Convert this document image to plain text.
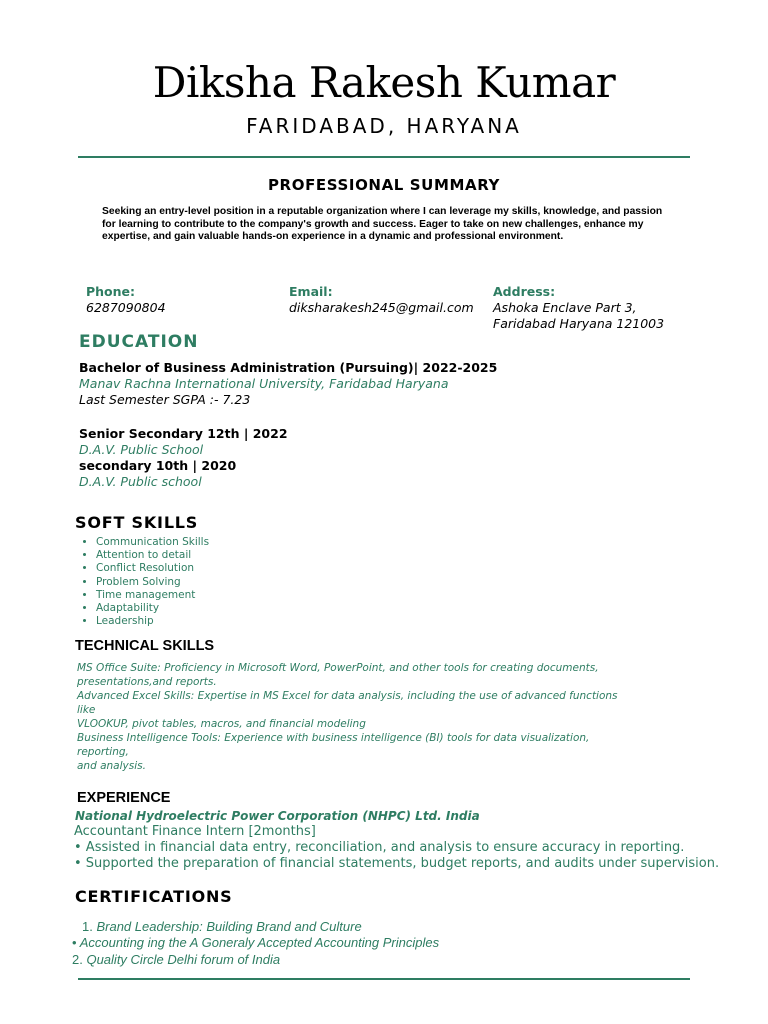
Diksha Rakesh Kumar
FARIDABAD, HARYANA
PROFESSIONAL SUMMARY
Seeking an entry-level position in a reputable organization where I can leverage my skills, knowledge, and passion
for learning to contribute to the company's growth and success. Eager to take on new challenges, enhance my
expertise, and gain valuable hands-on experience in a dynamic and professional environment.
Phone:
6287090804
Email:
diksharakesh245@gmail.com
Address:
Ashoka Enclave Part 3,
Faridabad Haryana 121003
EDUCATION
Bachelor of Business Administration (Pursuing)| 2022-2025
Manav Rachna International University, Faridabad Haryana
Last Semester SGPA :- 7.23
Senior Secondary 12th | 2022
D.A.V. Public School
secondary 10th | 2020
D.A.V. Public school
SOFT SKILLS
• Communication Skills
• Attention to detail
• Conflict Resolution
• Problem Solving
• Time management
• Adaptability
• Leadership
TECHNICAL SKILLS
MS Office Suite: Proficiency in Microsoft Word, PowerPoint, and other tools for creating documents,
presentations,and reports.
Advanced Excel Skills: Expertise in MS Excel for data analysis, including the use of advanced functions
like
VLOOKUP, pivot tables, macros, and financial modeling
Business Intelligence Tools: Experience with business intelligence (BI) tools for data visualization,
reporting,
and analysis.
EXPERIENCE
National Hydroelectric Power Corporation (NHPC) Ltd. India
Accountant Finance Intern [2months]
• Assisted in financial data entry, reconciliation, and analysis to ensure accuracy in reporting.
• Supported the preparation of financial statements, budget reports, and audits under supervision.
CERTIFICATIONS
1. Brand Leadership: Building Brand and Culture
• Accounting ing the A Goneraly Accepted Accounting Principles
2. Quality Circle Delhi forum of India
